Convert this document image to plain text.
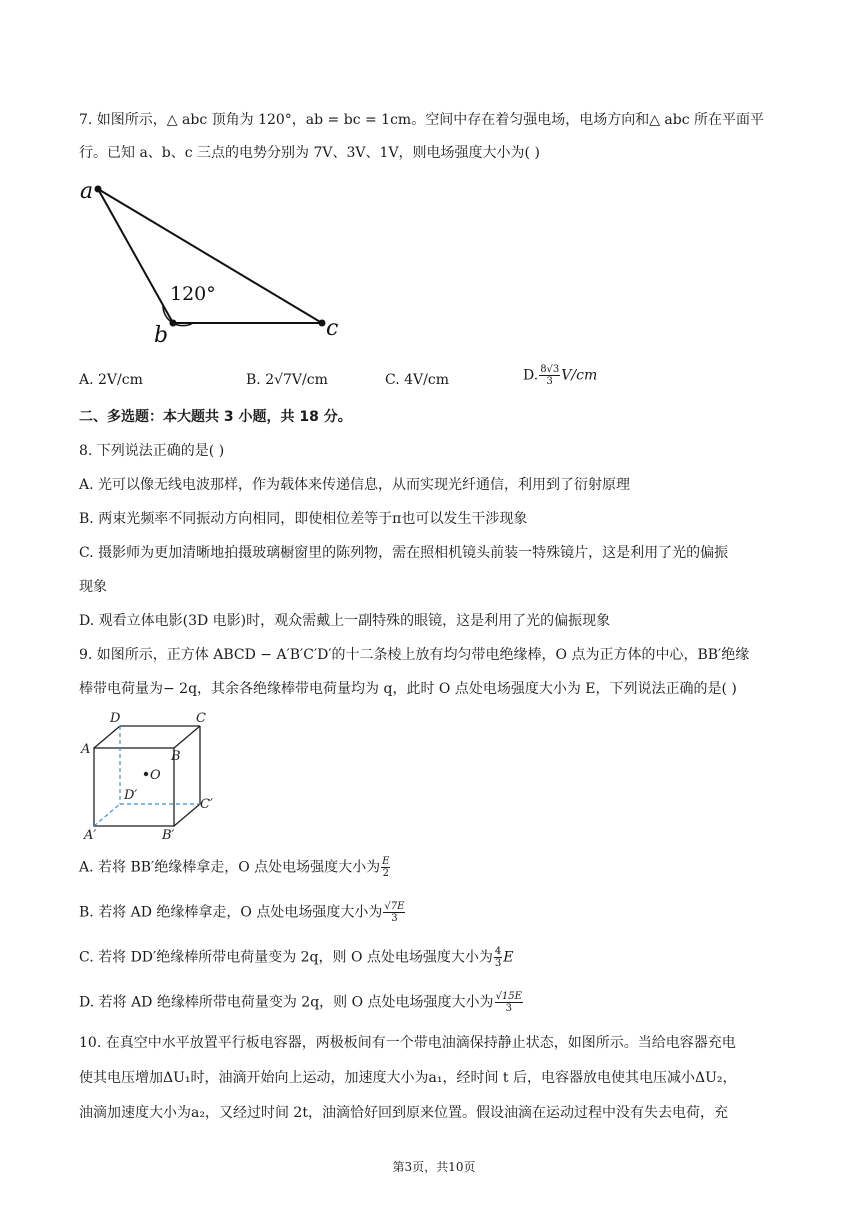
7. 如图所示，△ abc 顶角为 120°，ab = bc = 1cm。空间中存在着匀强电场，电场方向和△ abc 所在平面平
行。已知 a、b、c 三点的电势分别为 7V、3V、1V，则电场强度大小为( )
a
b	c
120°
A. 2V/cm	B. 2√7V/cm	C. 4V/cm	D. $\frac{8√3}{3} V/cm$
二、多选题：本大题共 3 小题，共 18 分。
8. 下列说法正确的是( )
A. 光可以像无线电波那样，作为载体来传递信息，从而实现光纤通信，利用到了衍射原理
B. 两束光频率不同振动方向相同，即使相位差等于π也可以发生干涉现象
C. 摄影师为更加清晰地拍摄玻璃橱窗里的陈列物，需在照相机镜头前装一特殊镜片，这是利用了光的偏振
现象
D. 观看立体电影(3D 电影)时，观众需戴上一副特殊的眼镜，这是利用了光的偏振现象
9. 如图所示，正方体 ABCD − A′B′C′D′的十二条棱上放有均匀带电绝缘棒，O 点为正方体的中心，BB′绝缘
棒带电荷量为− 2q，其余各绝缘棒带电荷量均为 q，此时 O 点处电场强度大小为 E，下列说法正确的是( )
D	C
A	B
O
D′
C′
A′	B′
A. 若将 BB′绝缘棒拿走，O 点处电场强度大小为 $\frac{E}{2}$
B. 若将 AD 绝缘棒拿走，O 点处电场强度大小为 $\frac{√7E}{3}$
C. 若将 DD′绝缘棒所带电荷量变为 2q，则 O 点处电场强度大小为 $\frac{4}{3}$ E
D. 若将 AD 绝缘棒所带电荷量变为 2q，则 O 点处电场强度大小为 $\frac{√15E}{3}$
10. 在真空中水平放置平行板电容器，两极板间有一个带电油滴保持静止状态，如图所示。当给电容器充电
使其电压增加ΔU₁时，油滴开始向上运动，加速度大小为a₁，经时间 t 后，电容器放电使其电压减小ΔU₂，
油滴加速度大小为a₂，又经过时间 2t，油滴恰好回到原来位置。假设油滴在运动过程中没有失去电荷，充
第3页，共10页
